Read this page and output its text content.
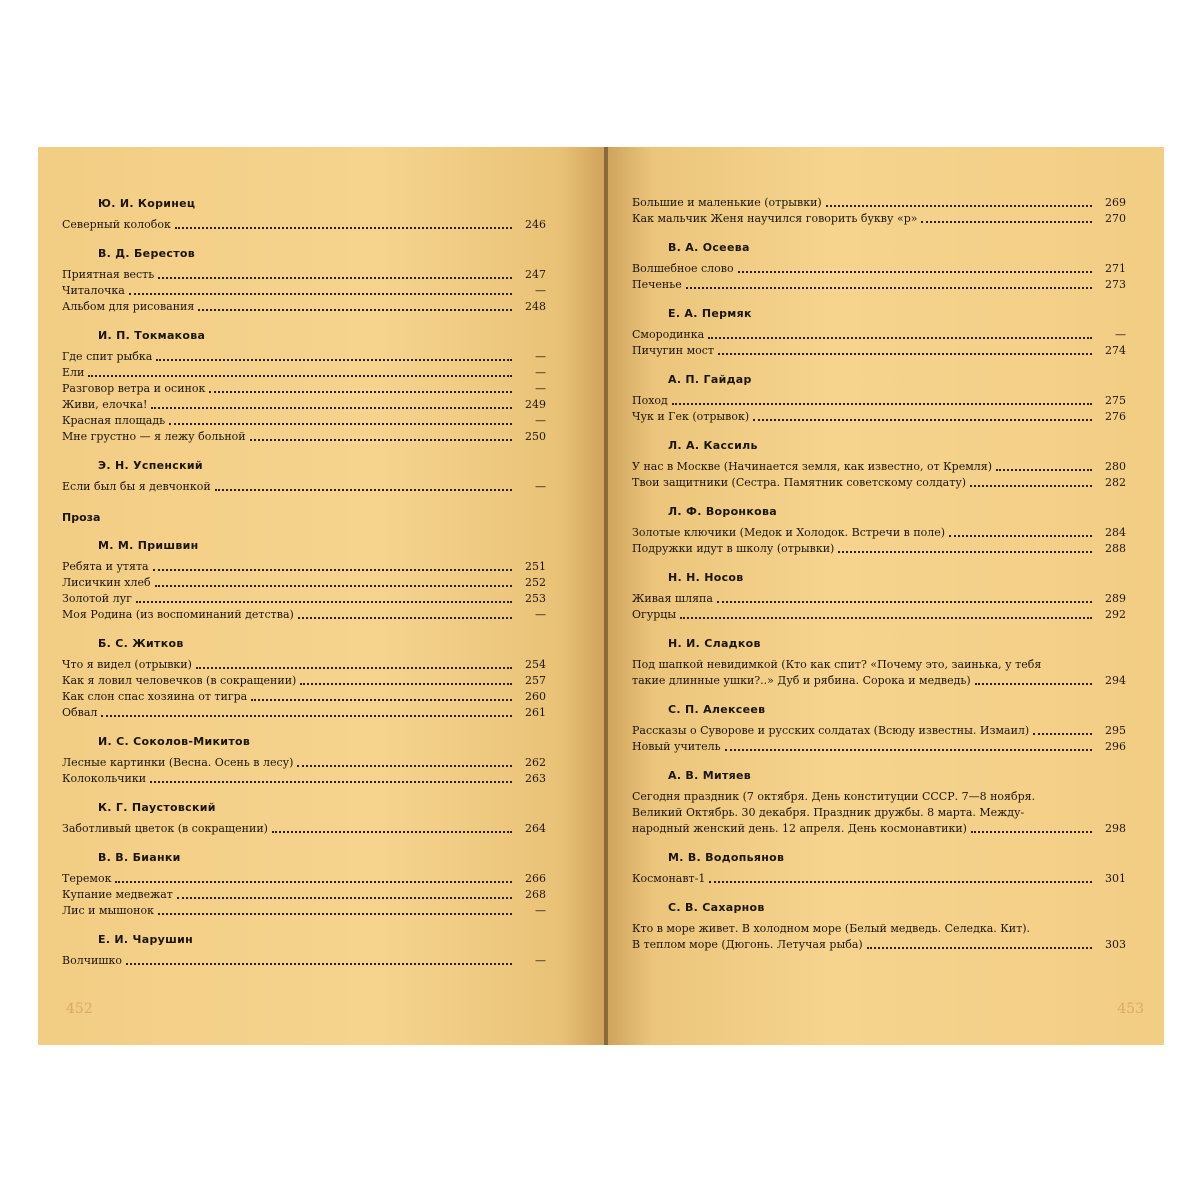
Ю. И. Коринец
Северный колобок	246
В. Д. Берестов
Приятная весть	247
Читалочка	—
Альбом для рисования	248
И. П. Токмакова
Где спит рыбка	—
Ели	—
Разговор ветра и осинок	—
Живи, елочка!	249
Красная площадь	—
Мне грустно — я лежу больной	250
Э. Н. Успенский
Если был бы я девчонкой	—
Проза
М. М. Пришвин
Ребята и утята	251
Лисичкин хлеб	252
Золотой луг	253
Моя Родина (из воспоминаний детства)	—
Б. С. Житков
Что я видел (отрывки)	254
Как я ловил человечков (в сокращении)	257
Как слон спас хозяина от тигра	260
Обвал	261
И. С. Соколов-Микитов
Лесные картинки (Весна. Осень в лесу)	262
Колокольчики	263
К. Г. Паустовский
Заботливый цветок (в сокращении)	264
В. В. Бианки
Теремок	266
Купание медвежат	268
Лис и мышонок	—
Е. И. Чарушин
Волчишко	—
452
Большие и маленькие (отрывки)	269
Как мальчик Женя научился говорить букву «р»	270
В. А. Осеева
Волшебное слово	271
Печенье	273
Е. А. Пермяк
Смородинка	—
Пичугин мост	274
А. П. Гайдар
Поход	275
Чук и Гек (отрывок)	276
Л. А. Кассиль
У нас в Москве (Начинается земля, как известно, от Кремля)	280
Твои защитники (Сестра. Памятник советскому солдату)	282
Л. Ф. Воронкова
Золотые ключики (Медок и Холодок. Встречи в поле)	284
Подружки идут в школу (отрывки)	288
Н. Н. Носов
Живая шляпа	289
Огурцы	292
Н. И. Сладков
Под шапкой невидимкой (Кто как спит? «Почему это, заинька, у тебя
такие длинные ушки?..» Дуб и рябина. Сорока и медведь)	294
С. П. Алексеев
Рассказы о Суворове и русских солдатах (Всюду известны. Измаил)	295
Новый учитель	296
А. В. Митяев
Сегодня праздник (7 октября. День конституции СССР. 7—8 ноября.
Великий Октябрь. 30 декабря. Праздник дружбы. 8 марта. Между-
народный женский день. 12 апреля. День космонавтики)	298
М. В. Водопьянов
Космонавт-1	301
С. В. Сахарнов
Кто в море живет. В холодном море (Белый медведь. Селедка. Кит).
В теплом море (Дюгонь. Летучая рыба)	303
453
